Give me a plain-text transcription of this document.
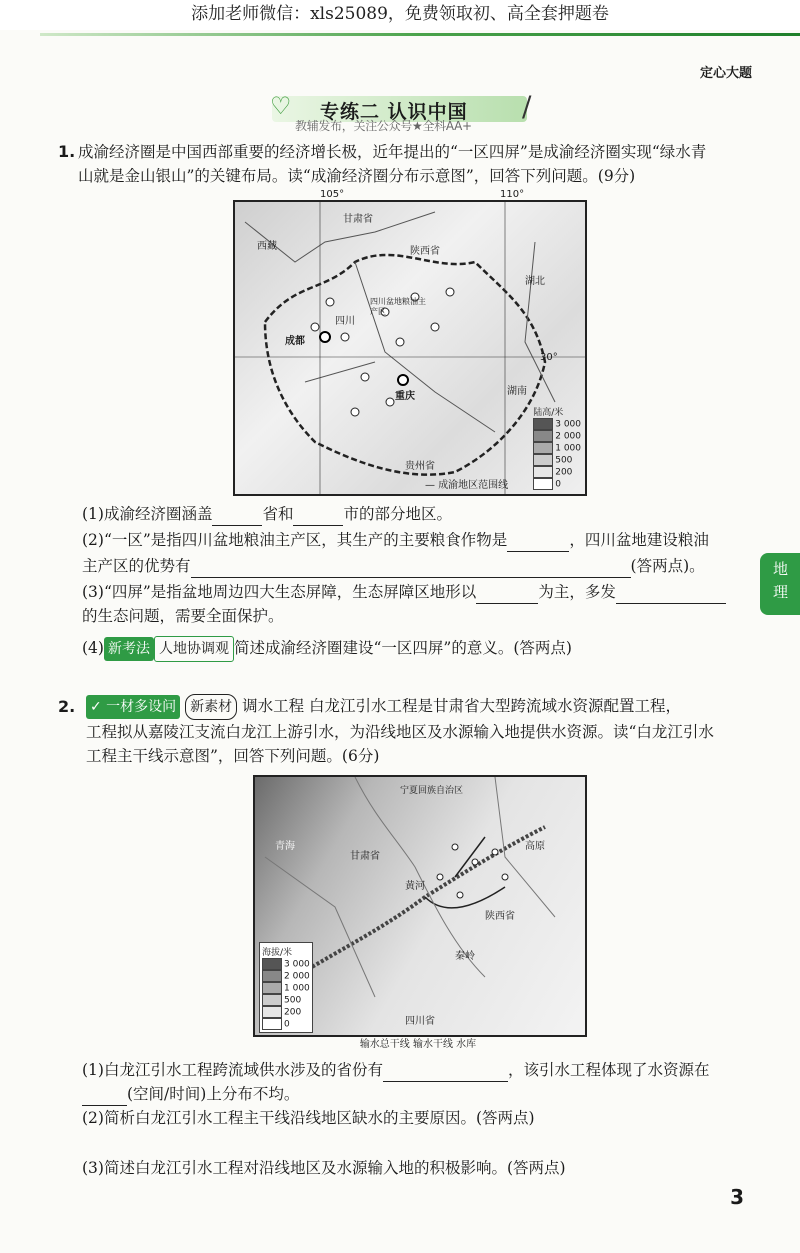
添加老师微信：xls25089，免费领取初、高全套押题卷
定心大题
♡ 专练二 认识中国 /
教辅发布，关注公众号★全科AA+
1. 成渝经济圈是中国西部重要的经济增长极，近年提出的“一区四屏”是成渝经济圈实现“绿水青
山就是金山银山”的关键布局。读“成渝经济圈分布示意图”，回答下列问题。(9分)
105°	110°
甘肃省
陕西省
湖北
四川
成都
重庆	湖南
贵州省
西藏
四川盆地粮油主产区
30°
陆高/米
3 000
2 000
1 000
500
200
0
— 成渝地区范围线
(1)成渝经济圈涵盖	省和	市的部分地区。
(2)“一区”是指四川盆地粮油主产区，其生产的主要粮食作物是	，四川盆地建设粮油
主产区的优势有	(答两点)。
(3)“四屏”是指盆地周边四大生态屏障，生态屏障区地形以	为主，多发
的生态问题，需要全面保护。
(4) 新考法 人地协调观 简述成渝经济圈建设“一区四屏”的意义。(答两点)
地理
2. ✓ 一材多设问 新素材 调水工程 白龙江引水工程是甘肃省大型跨流域水资源配置工程，
工程拟从嘉陵江支流白龙江上游引水，为沿线地区及水源输入地提供水资源。读“白龙江引水
工程主干线示意图”，回答下列问题。(6分)
宁夏回族自治区
甘肃省
陕西省
黄河
高原
秦岭
四川省
青海
海拔/米
3 000
2 000
1 000
500
200
0
输水总干线 输水干线 水库
(1)白龙江引水工程跨流域供水涉及的省份有	，该引水工程体现了水资源在
(空间/时间)上分布不均。
(2)简析白龙江引水工程主干线沿线地区缺水的主要原因。(答两点)
(3)简述白龙江引水工程对沿线地区及水源输入地的积极影响。(答两点)
3
